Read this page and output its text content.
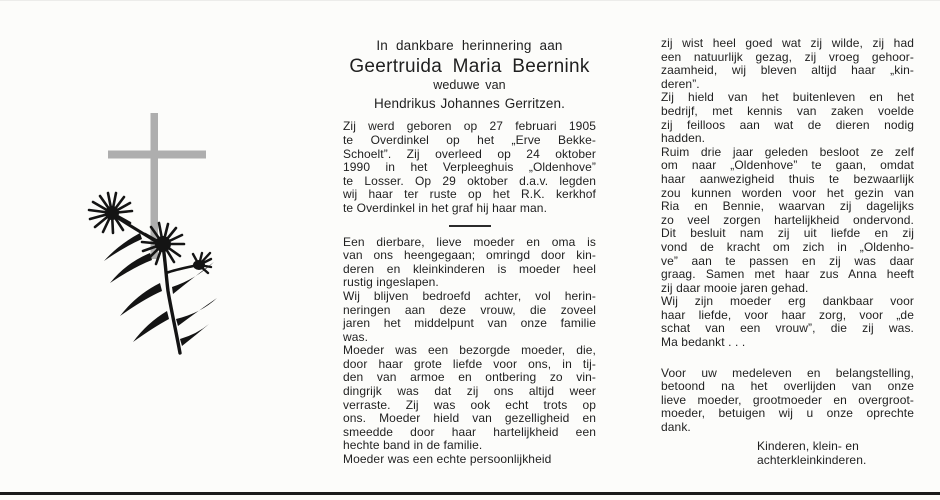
In dankbare herinnering aan
Geertruida Maria Beernink
weduwe van
Hendrikus Johannes Gerritzen.
Zij werd geboren op 27 februari 1905
te Overdinkel op het „Erve Bekke-
Schoelt”. Zij overleed op 24 oktober
1990 in het Verpleeghuis „Oldenhove”
te Losser. Op 29 oktober d.a.v. legden
wij haar ter ruste op het R.K. kerkhof
te Overdinkel in het graf hij haar man.
Een dierbare, lieve moeder en oma is
van ons heengegaan; omringd door kin-
deren en kleinkinderen is moeder heel
rustig ingeslapen.
Wij blijven bedroefd achter, vol herin-
neringen aan deze vrouw, die zoveel
jaren het middelpunt van onze familie
was.
Moeder was een bezorgde moeder, die,
door haar grote liefde voor ons, in tij-
den van armoe en ontbering zo vin-
dingrijk was dat zij ons altijd weer
verraste. Zij was ook echt trots op
ons. Moeder hield van gezelligheid en
smeedde door haar hartelijkheid een
hechte band in de familie.
Moeder was een echte persoonlijkheid
zij wist heel goed wat zij wilde, zij had
een natuurlijk gezag, zij vroeg gehoor-
zaamheid, wij bleven altijd haar „kin-
deren”.
Zij hield van het buitenleven en het
bedrijf, met kennis van zaken voelde
zij feilloos aan wat de dieren nodig
hadden.
Ruim drie jaar geleden besloot ze zelf
om naar „Oldenhove” te gaan, omdat
haar aanwezigheid thuis te bezwaarlijk
zou kunnen worden voor het gezin van
Ria en Bennie, waarvan zij dagelijks
zo veel zorgen hartelijkheid ondervond.
Dit besluit nam zij uit liefde en zij
vond de kracht om zich in „Oldenho-
ve” aan te passen en zij was daar
graag. Samen met haar zus Anna heeft
zij daar mooie jaren gehad.
Wij zijn moeder erg dankbaar voor
haar liefde, voor haar zorg, voor „de
schat van een vrouw”, die zij was.
Ma bedankt . . .
Voor uw medeleven en belangstelling,
betoond na het overlijden van onze
lieve moeder, grootmoeder en overgroot-
moeder, betuigen wij u onze oprechte
dank.
Kinderen, klein- en
achterkleinkinderen.
